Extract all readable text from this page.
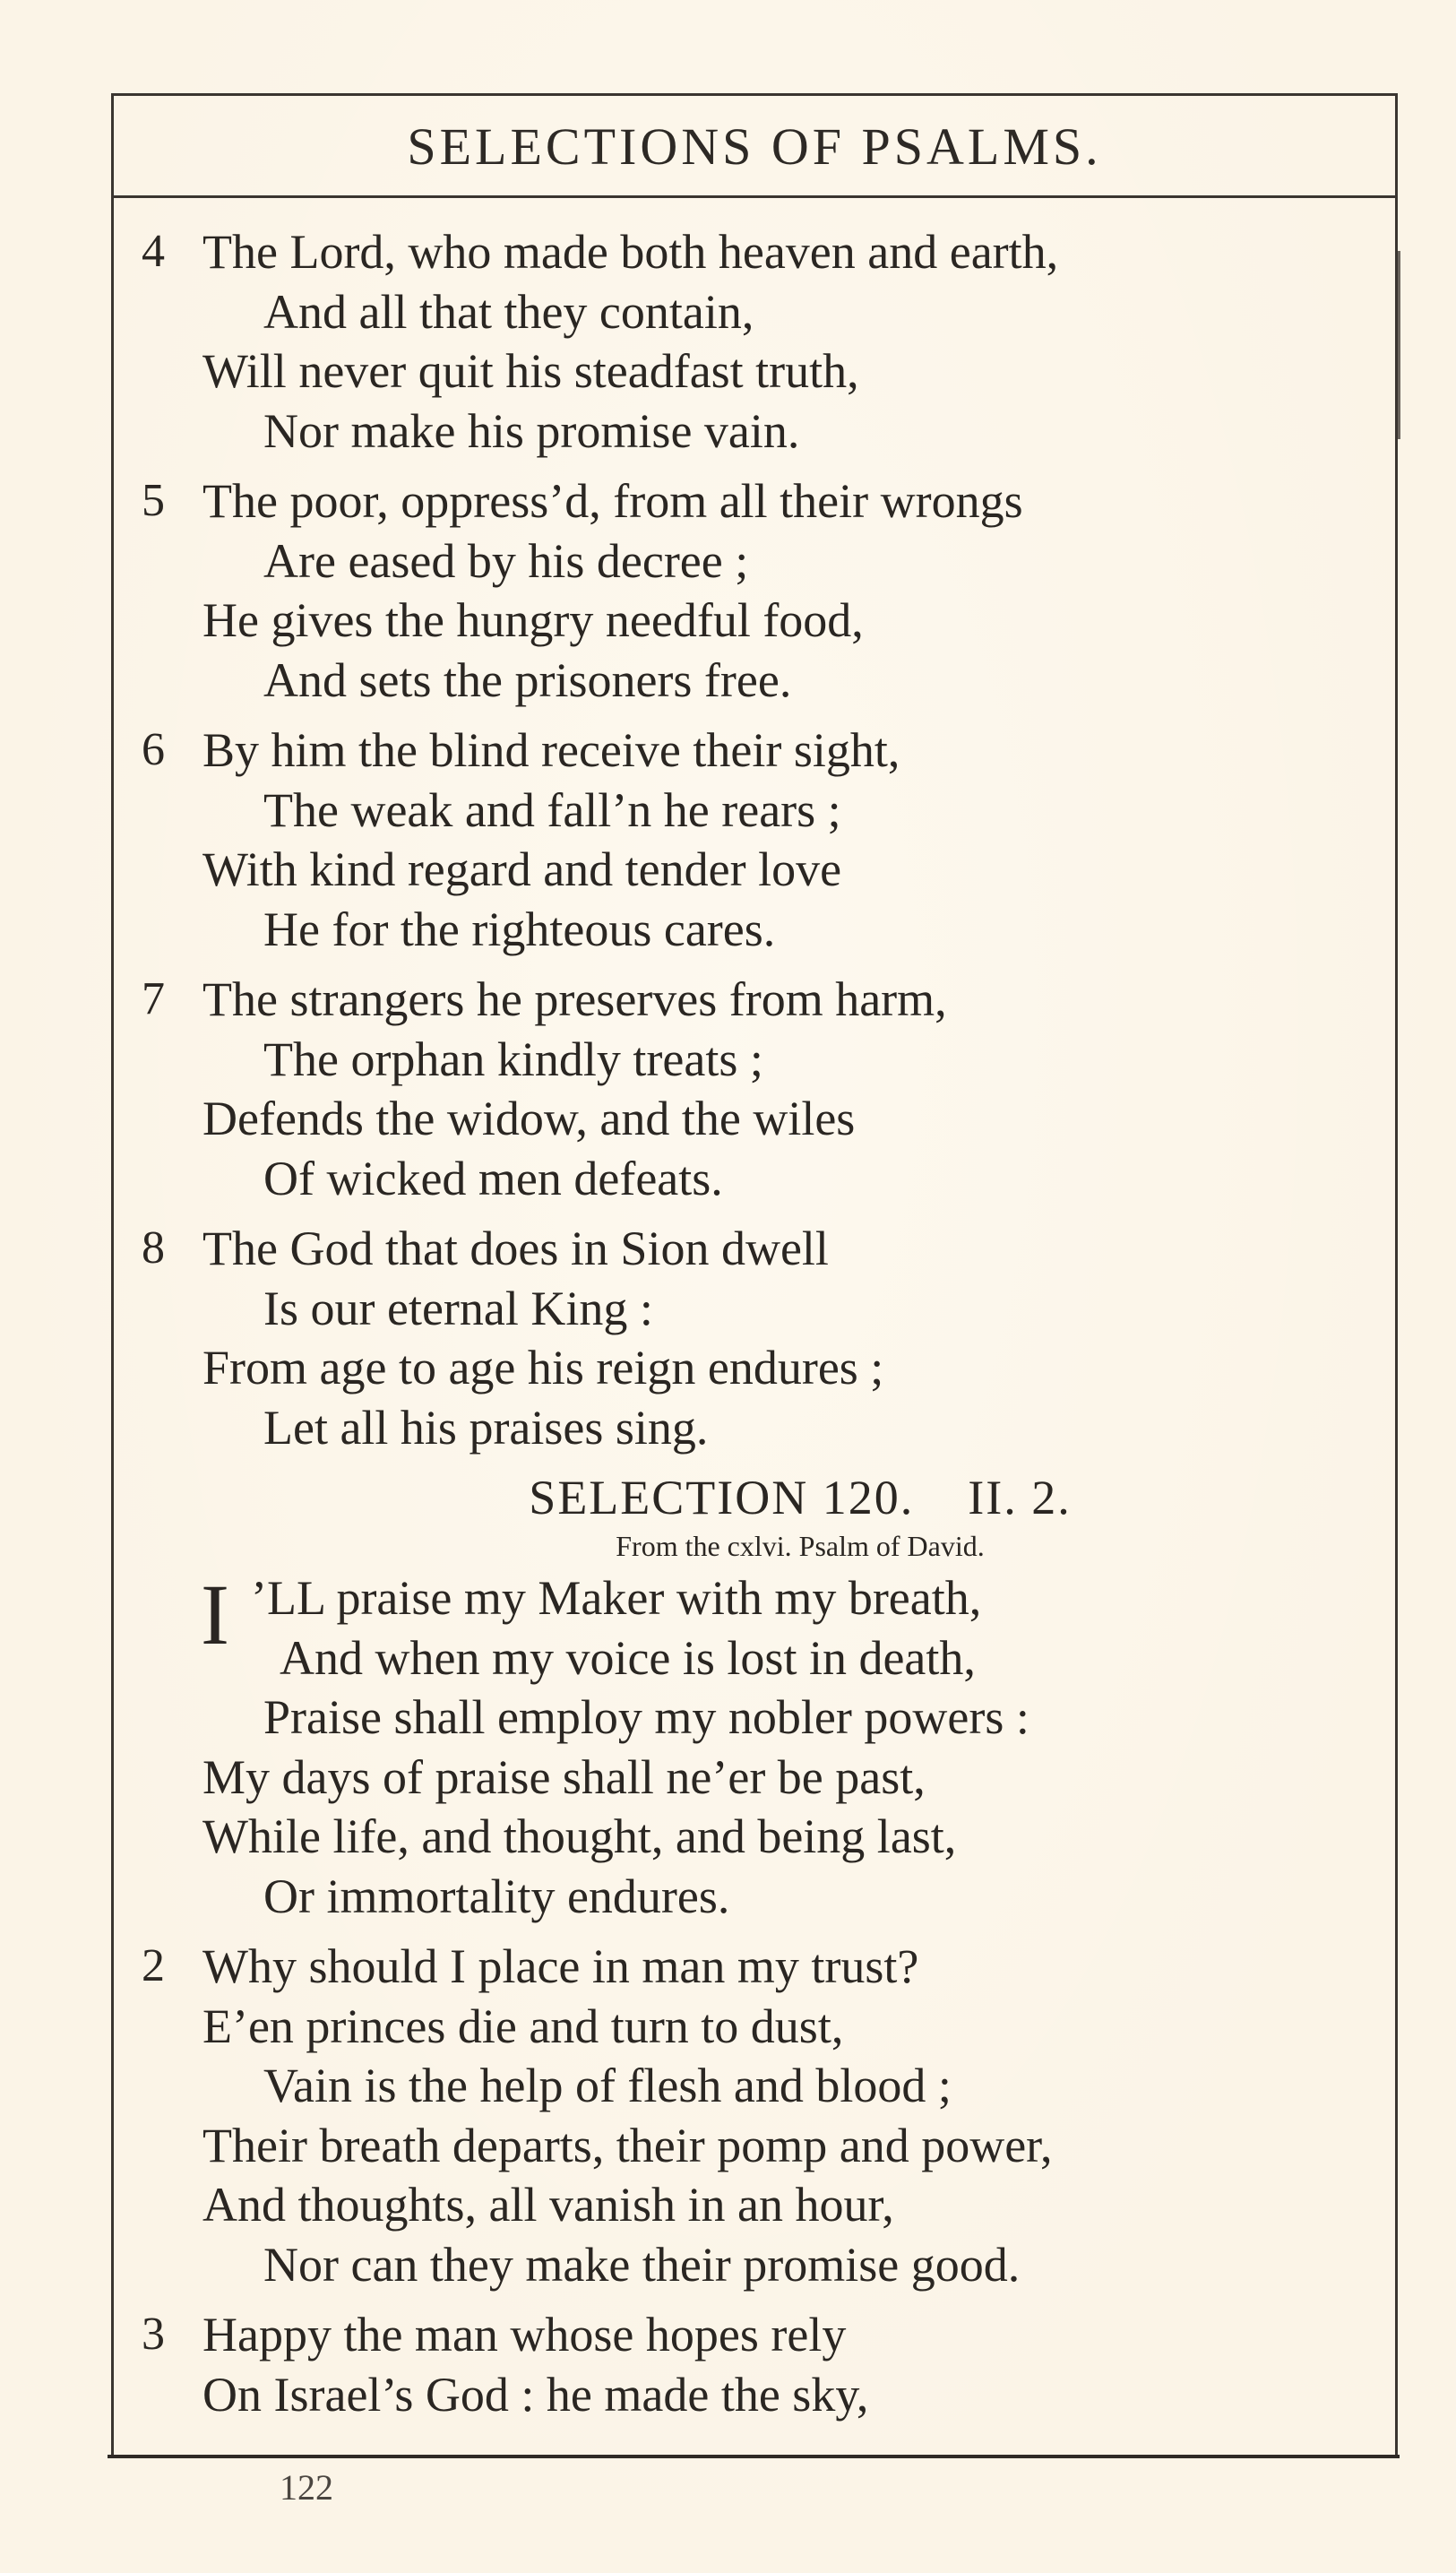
SELECTIONS OF PSALMS.
4 The Lord, who made both heaven and earth,
And all that they contain,
Will never quit his steadfast truth,
Nor make his promise vain.
5 The poor, oppress’d, from all their wrongs
Are eased by his decree ;
He gives the hungry needful food,
And sets the prisoners free.
6 By him the blind receive their sight,
The weak and fall’n he rears ;
With kind regard and tender love
He for the righteous cares.
7 The strangers he preserves from harm,
The orphan kindly treats ;
Defends the widow, and the wiles
Of wicked men defeats.
8 The God that does in Sion dwell
Is our eternal King :
From age to age his reign endures ;
Let all his praises sing.
SELECTION 120. II. 2.
From the cxlvi. Psalm of David.
I ’LL praise my Maker with my breath,
And when my voice is lost in death,
Praise shall employ my nobler powers :
My days of praise shall ne’er be past,
While life, and thought, and being last,
Or immortality endures.
2 Why should I place in man my trust?
E’en princes die and turn to dust,
Vain is the help of flesh and blood ;
Their breath departs, their pomp and power,
And thoughts, all vanish in an hour,
Nor can they make their promise good.
3 Happy the man whose hopes rely
On Israel’s God : he made the sky,
122
